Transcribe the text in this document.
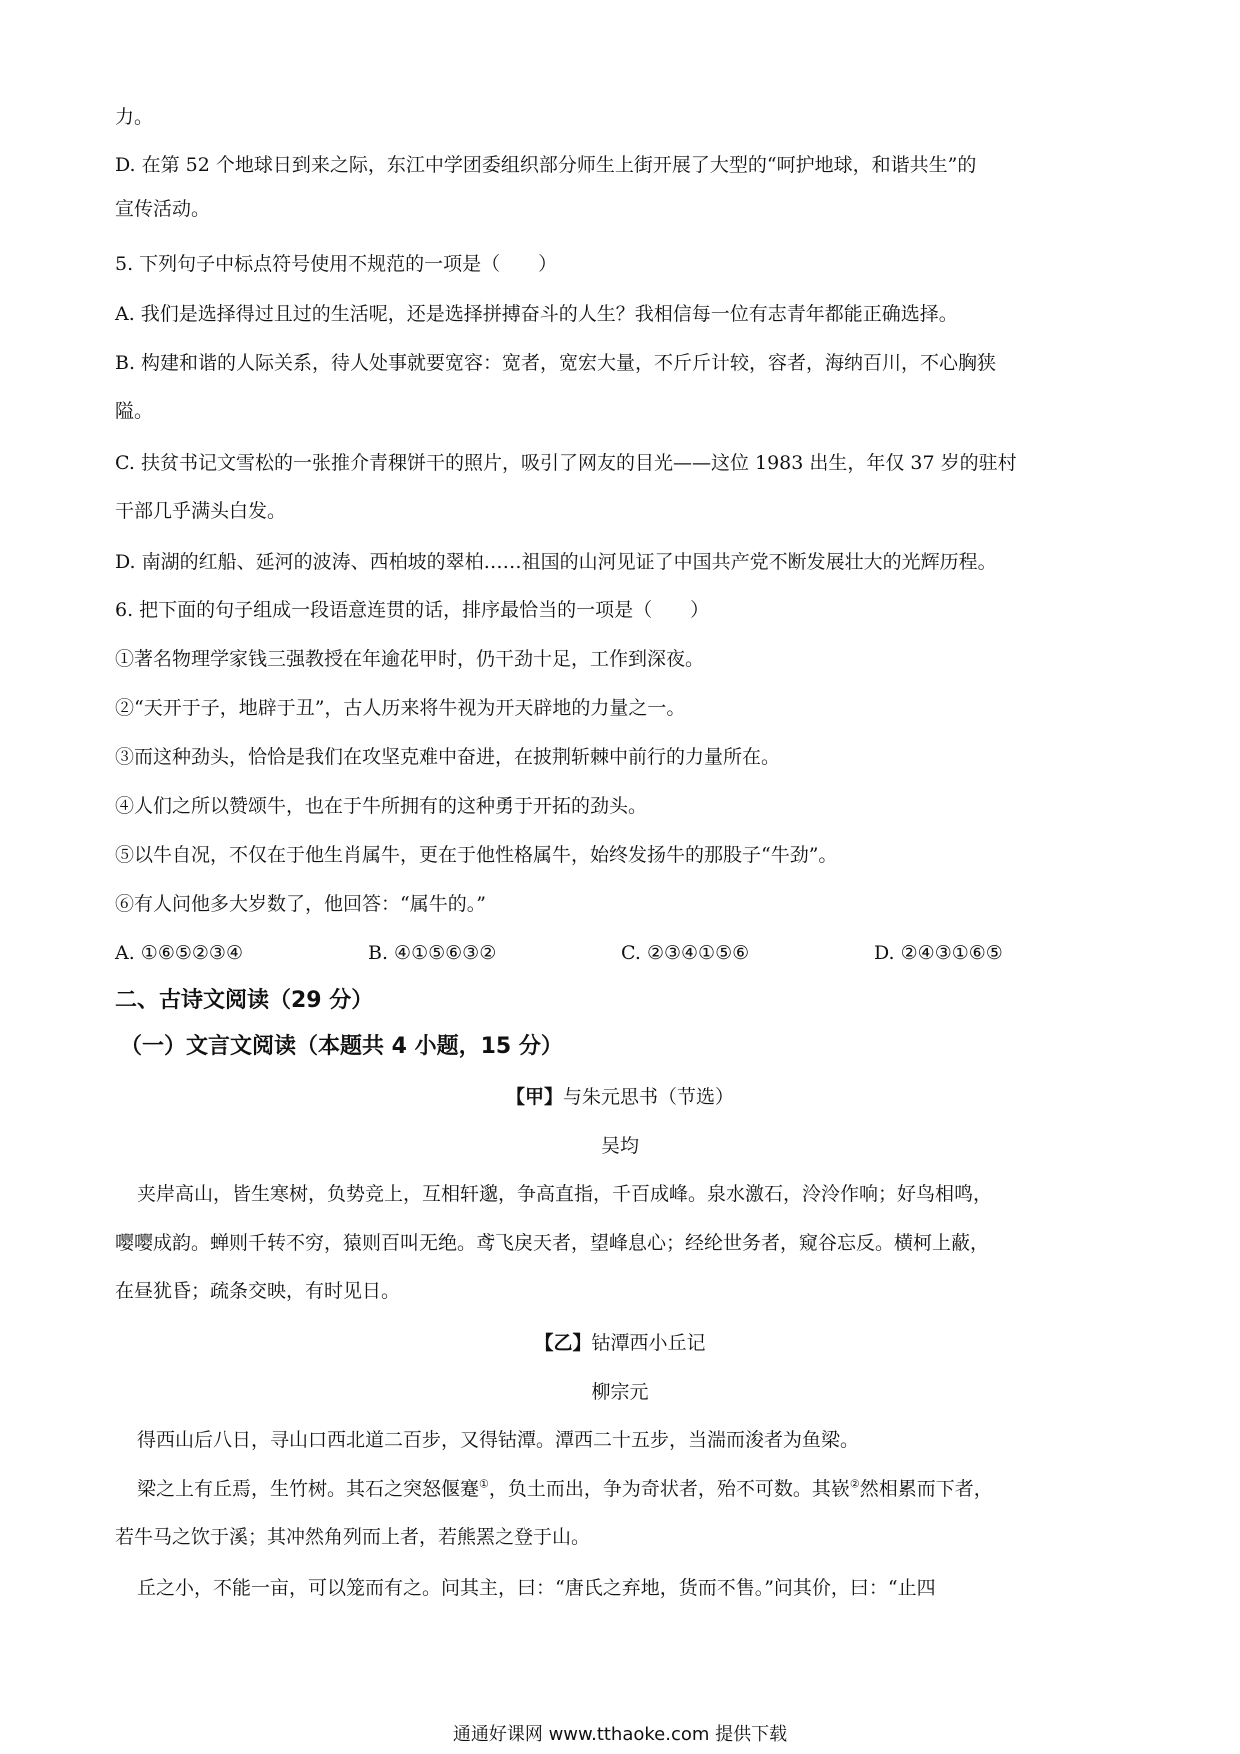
力。
D. 在第 52 个地球日到来之际，东江中学团委组织部分师生上街开展了大型的“呵护地球，和谐共生”的
宣传活动。
5. 下列句子中标点符号使用不规范的一项是（　　）
A. 我们是选择得过且过的生活呢，还是选择拼搏奋斗的人生？我相信每一位有志青年都能正确选择。
B. 构建和谐的人际关系，待人处事就要宽容：宽者，宽宏大量，不斤斤计较，容者，海纳百川，不心胸狭
隘。
C. 扶贫书记文雪松的一张推介青稞饼干的照片，吸引了网友的目光——这位 1983 出生，年仅 37 岁的驻村
干部几乎满头白发。
D. 南湖的红船、延河的波涛、西柏坡的翠柏……祖国的山河见证了中国共产党不断发展壮大的光辉历程。
6. 把下面的句子组成一段语意连贯的话，排序最恰当的一项是（　　）
①著名物理学家钱三强教授在年逾花甲时，仍干劲十足，工作到深夜。
②“天开于子，地辟于丑”，古人历来将牛视为开天辟地的力量之一。
③而这种劲头，恰恰是我们在攻坚克难中奋进，在披荆斩棘中前行的力量所在。
④人们之所以赞颂牛，也在于牛所拥有的这种勇于开拓的劲头。
⑤以牛自况，不仅在于他生肖属牛，更在于他性格属牛，始终发扬牛的那股子“牛劲”。
⑥有人问他多大岁数了，他回答：“属牛的。”
A. ①⑥⑤②③④	B. ④①⑤⑥③②	C. ②③④①⑤⑥	D. ②④③①⑥⑤
二、古诗文阅读（29 分）
（一）文言文阅读（本题共 4 小题，15 分）
【甲】与朱元思书（节选）
吴均
夹岸高山，皆生寒树，负势竞上，互相轩邈，争高直指，千百成峰。泉水激石，泠泠作响；好鸟相鸣，
嘤嘤成韵。蝉则千转不穷，猿则百叫无绝。鸢飞戾天者，望峰息心；经纶世务者，窥谷忘反。横柯上蔽，
在昼犹昏；疏条交映，有时见日。
【乙】钴潭西小丘记
柳宗元
得西山后八日，寻山口西北道二百步，又得钴潭。潭西二十五步，当湍而浚者为鱼梁。
梁之上有丘焉，生竹树。其石之突怒偃蹇①，负土而出，争为奇状者，殆不可数。其嵚②然相累而下者，
若牛马之饮于溪；其冲然角列而上者，若熊罴之登于山。
丘之小，不能一亩，可以笼而有之。问其主，曰：“唐氏之弃地，货而不售。”问其价，曰：“止四
通通好课网 www.tthaoke.com 提供下载
